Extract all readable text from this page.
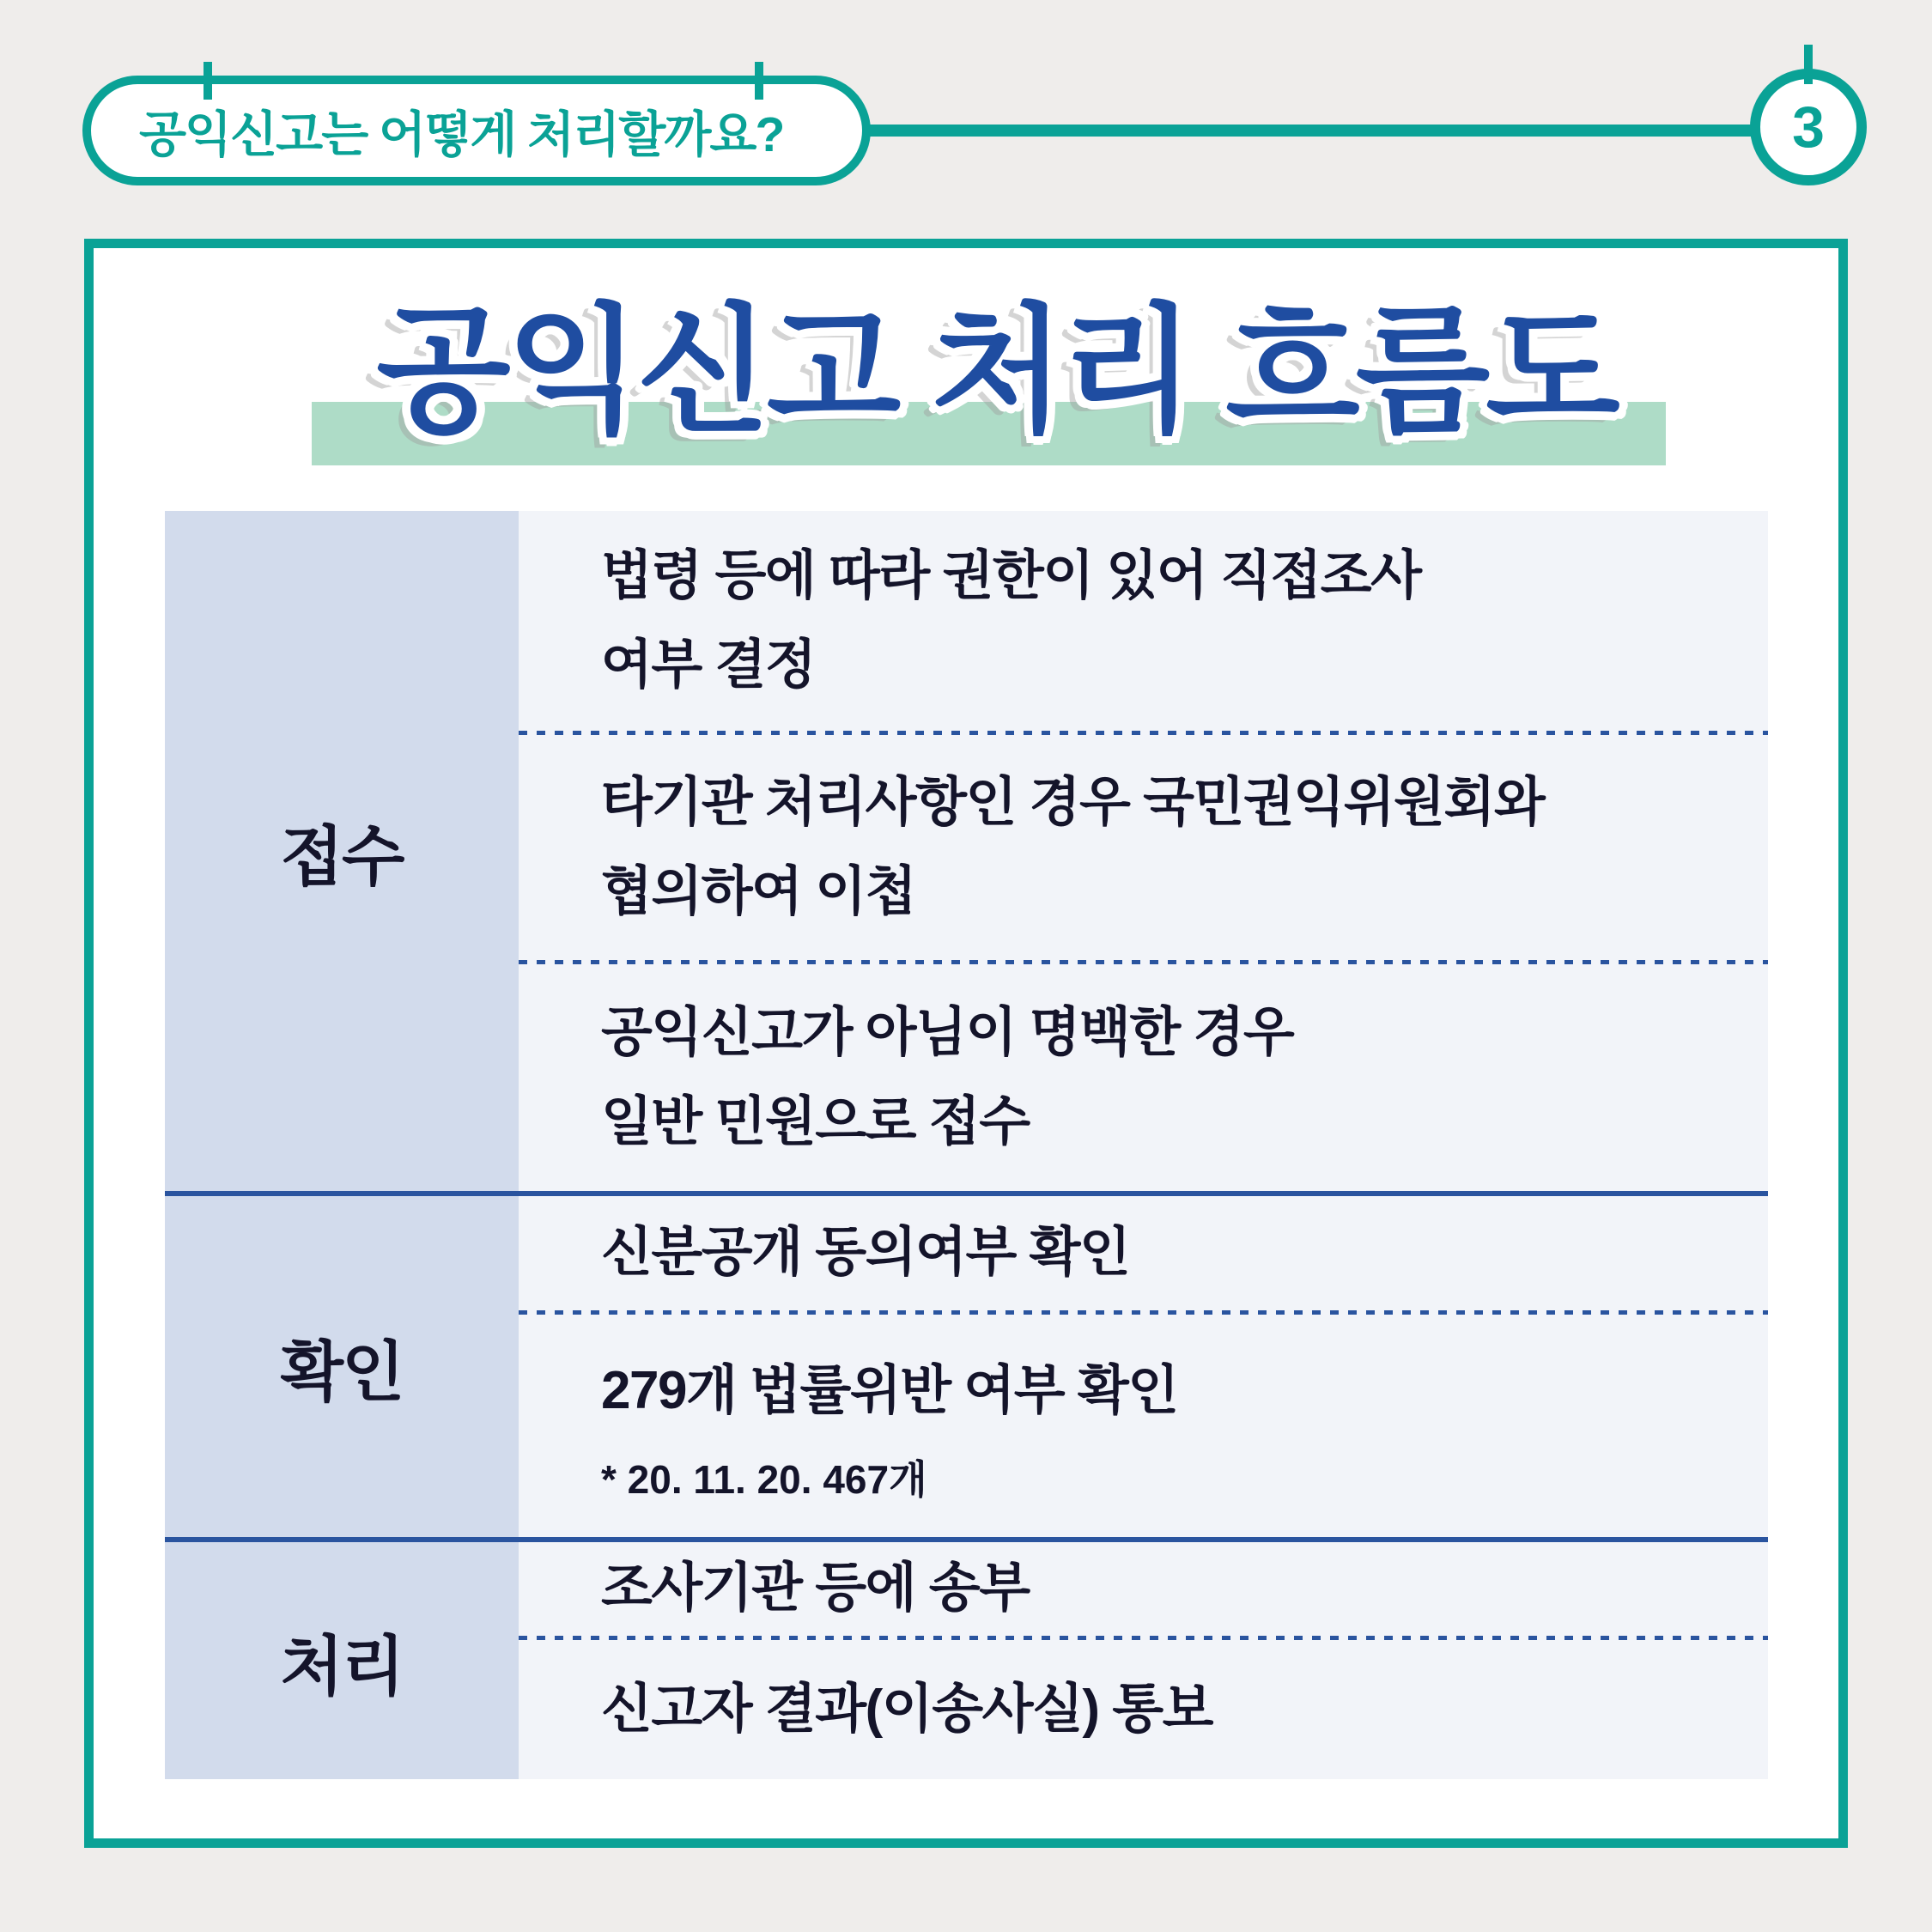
공익신고는 어떻게 처리할까요?	3
공익신고 처리 흐름도
접수
법령 등에 따라 권한이 있어 직접조사
여부 결정
타기관 처리사항인 경우 국민권익위원회와
협의하여 이첩
공익신고가 아님이 명백한 경우
일반 민원으로 접수
확인
신분공개 동의여부 확인
279개 법률위반 여부 확인
* 20. 11. 20. 467개
처리
조사기관 등에 송부
신고자 결과(이송사실) 통보
